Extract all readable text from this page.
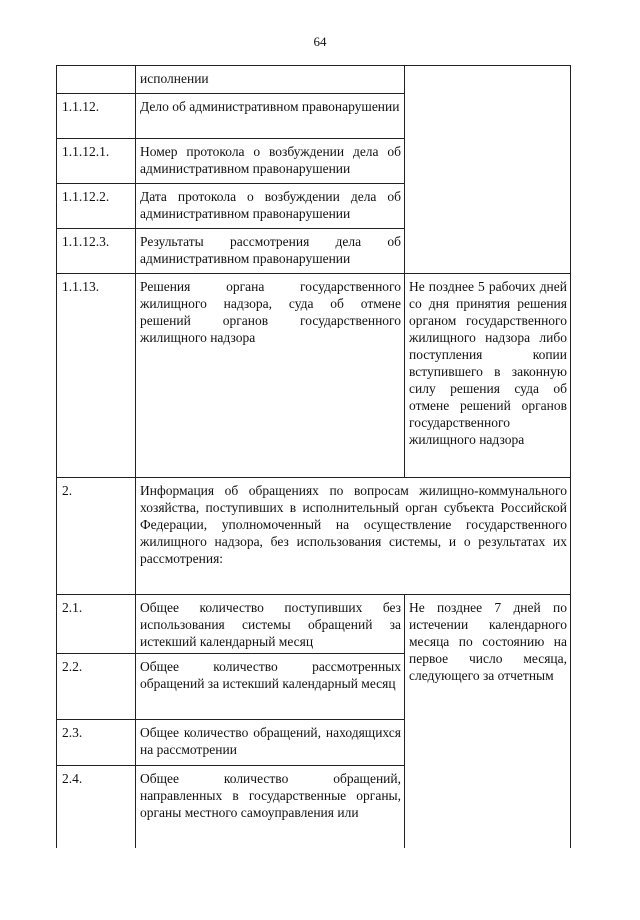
64
	исполнении	
1.1.12.	Дело об административном правонарушении	
1.1.12.1.	Номер протокола о возбуждении дела об административном правонарушении	
1.1.12.2.	Дата протокола о возбуждении дела об административном правонарушении	
1.1.12.3.	Результаты рассмотрения дела об административном правонарушении	
1.1.13.	Решения органа государственного жилищного надзора, суда об отмене решений органов государственного жилищного надзора	Не позднее 5 рабочих дней со дня принятия решения органом государственного жилищного надзора либо поступления копии вступившего в законную силу решения суда об отмене решений органов государственного жилищного надзора
2.	Информация об обращениях по вопросам жилищно-коммунального хозяйства, поступивших в исполнительный орган субъекта Российской Федерации, уполномоченный на осуществление государственного жилищного надзора, без использования системы, и о результатах их рассмотрения:	
2.1.	Общее количество поступивших без использования системы обращений за истекший календарный месяц	Не позднее 7 дней по истечении календарного месяца по состоянию на первое число месяца, следующего за отчетным
2.2.	Общее количество рассмотренных обращений за истекший календарный месяц	
2.3.	Общее количество обращений, находящихся на рассмотрении	
2.4.	Общее количество обращений, направленных в государственные органы, органы местного самоуправления или	
